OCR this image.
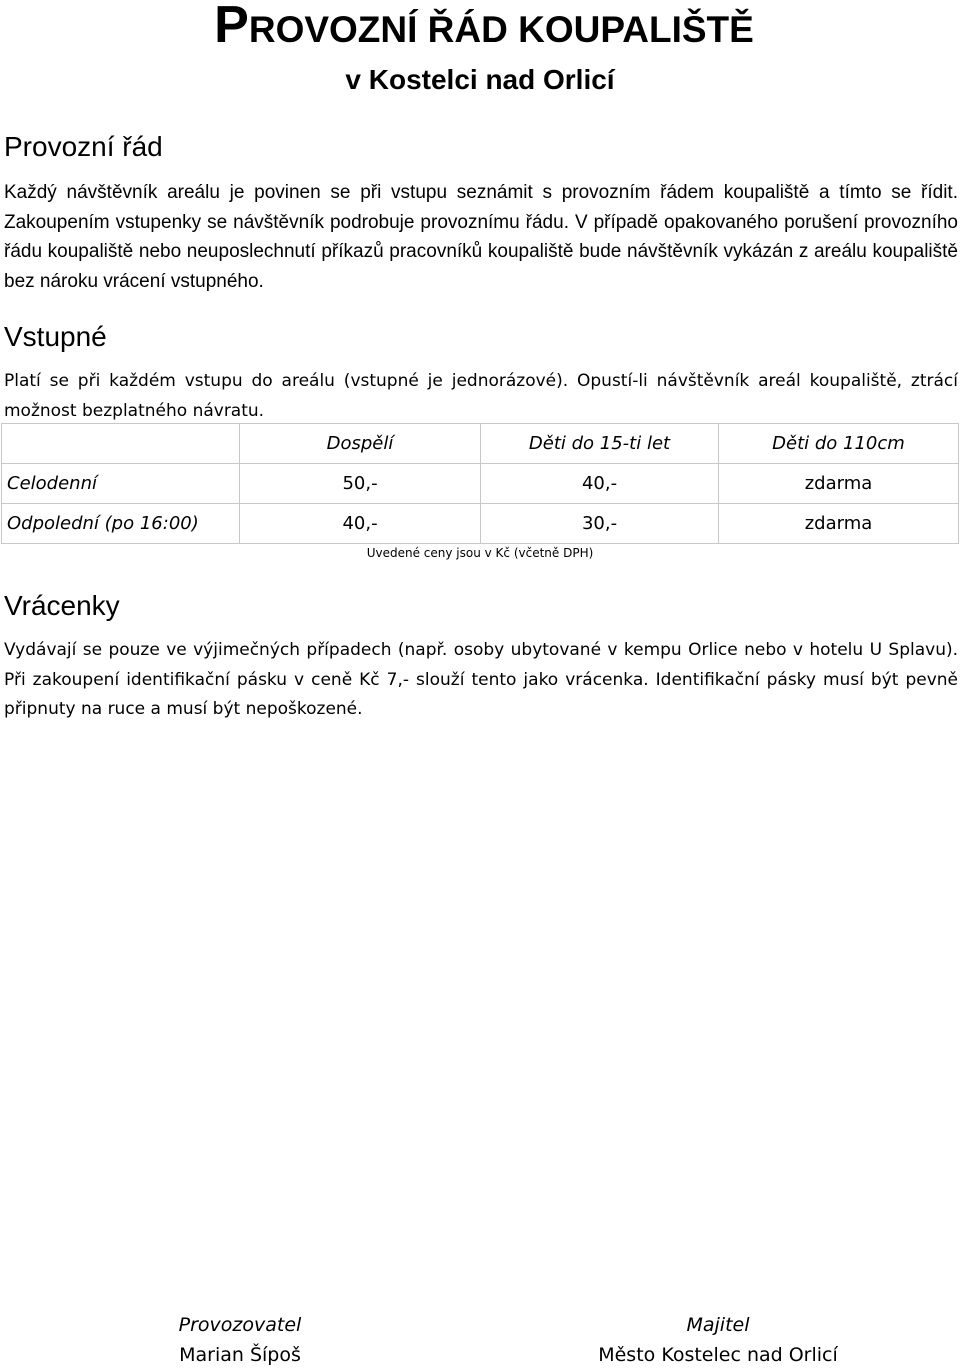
PROVOZNÍ ŘÁD KOUPALIŠTĚ
v Kostelci nad Orlicí
Provozní řád

Každý návštěvník areálu je povinen se při vstupu seznámit s provozním řádem koupaliště a tímto se řídit. Zakoupením vstupenky se návštěvník podrobuje provoznímu řádu. V případě opakovaného porušení provozního řádu koupaliště nebo neuposlechnutí příkazů pracovníků koupaliště bude návštěvník vykázán z areálu koupaliště bez nároku vrácení vstupného.

Vstupné

Platí se při každém vstupu do areálu (vstupné je jednorázové). Opustí-li návštěvník areál koupaliště, ztrácí možnost bezplatného návratu.

	Dospělí	Děti do 15-ti let	Děti do 110cm
Celodenní	50,-	40,-	zdarma
Odpolední (po 16:00)	40,-	30,-	zdarma
Uvedené ceny jsou v Kč (včetně DPH)
Vrácenky

Vydávají se pouze ve výjimečných případech (např. osoby ubytované v kempu Orlice nebo v hotelu U Splavu). Při zakoupení identifikační pásku v ceně Kč 7,- slouží tento jako vrácenka. Identifikační pásky musí být pevně připnuty na ruce a musí být nepoškozené.

Provozovatel
Marian Šípoš
Majitel
Město Kostelec nad Orlicí
